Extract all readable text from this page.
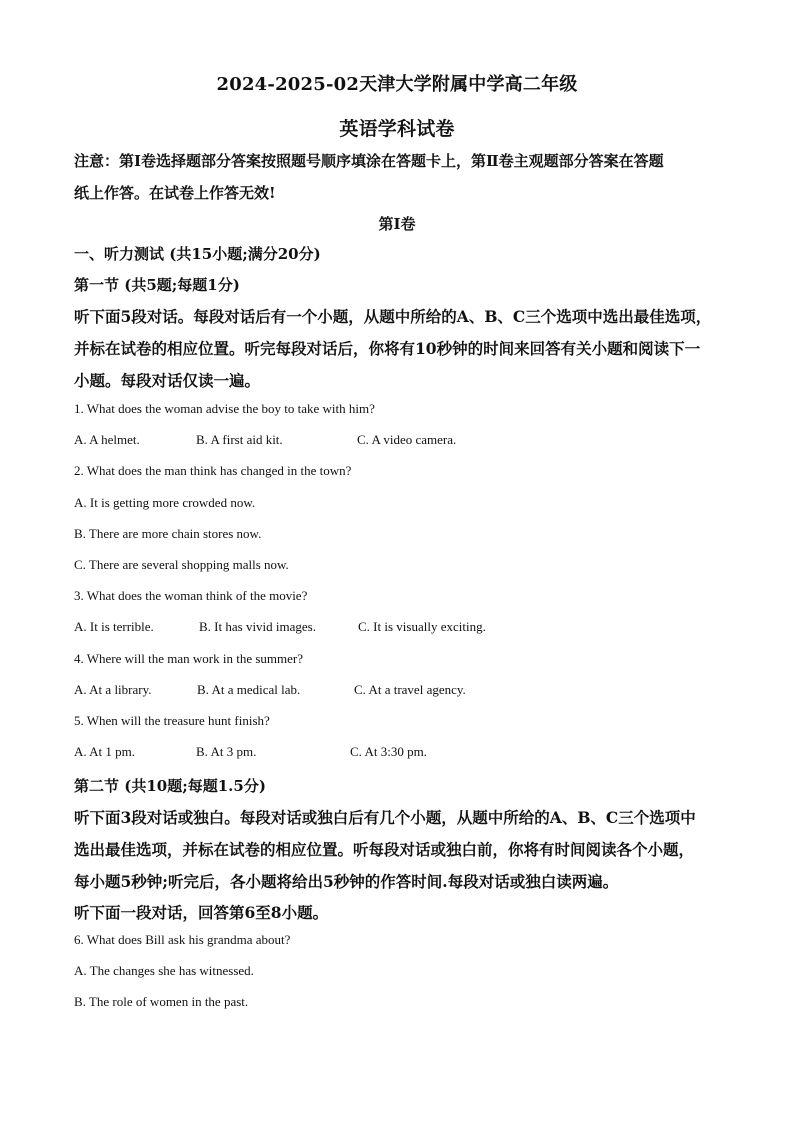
2024-2025-02天津大学附属中学高二年级
英语学科试卷
注意：第Ⅰ卷选择题部分答案按照题号顺序填涂在答题卡上，第Ⅱ卷主观题部分答案在答题
纸上作答。在试卷上作答无效!
第Ⅰ卷
一、听力测试 (共15小题;满分20分)
第一节 (共5题;每题1分)
听下面5段对话。每段对话后有一个小题，从题中所给的A、B、C三个选项中选出最佳选项，
并标在试卷的相应位置。听完每段对话后，你将有10秒钟的时间来回答有关小题和阅读下一
小题。每段对话仅读一遍。
1. What does the woman advise the boy to take with him?
A. A helmet.	B. A first aid kit.	C. A video camera.
2. What does the man think has changed in the town?
A. It is getting more crowded now.
B. There are more chain stores now.
C. There are several shopping malls now.
3. What does the woman think of the movie?
A. It is terrible.	B. It has vivid images.	C. It is visually exciting.
4. Where will the man work in the summer?
A. At a library.	B. At a medical lab.	C. At a travel agency.
5. When will the treasure hunt finish?
A. At 1 pm.	B. At 3 pm.	C. At 3:30 pm.
第二节 (共10题;每题1.5分)
听下面3段对话或独白。每段对话或独白后有几个小题，从题中所给的A、B、C三个选项中
选出最佳选项，并标在试卷的相应位置。听每段对话或独白前，你将有时间阅读各个小题，
每小题5秒钟;听完后，各小题将给出5秒钟的作答时间.每段对话或独白读两遍。
听下面一段对话，回答第6至8小题。
6. What does Bill ask his grandma about?
A. The changes she has witnessed.
B. The role of women in the past.
